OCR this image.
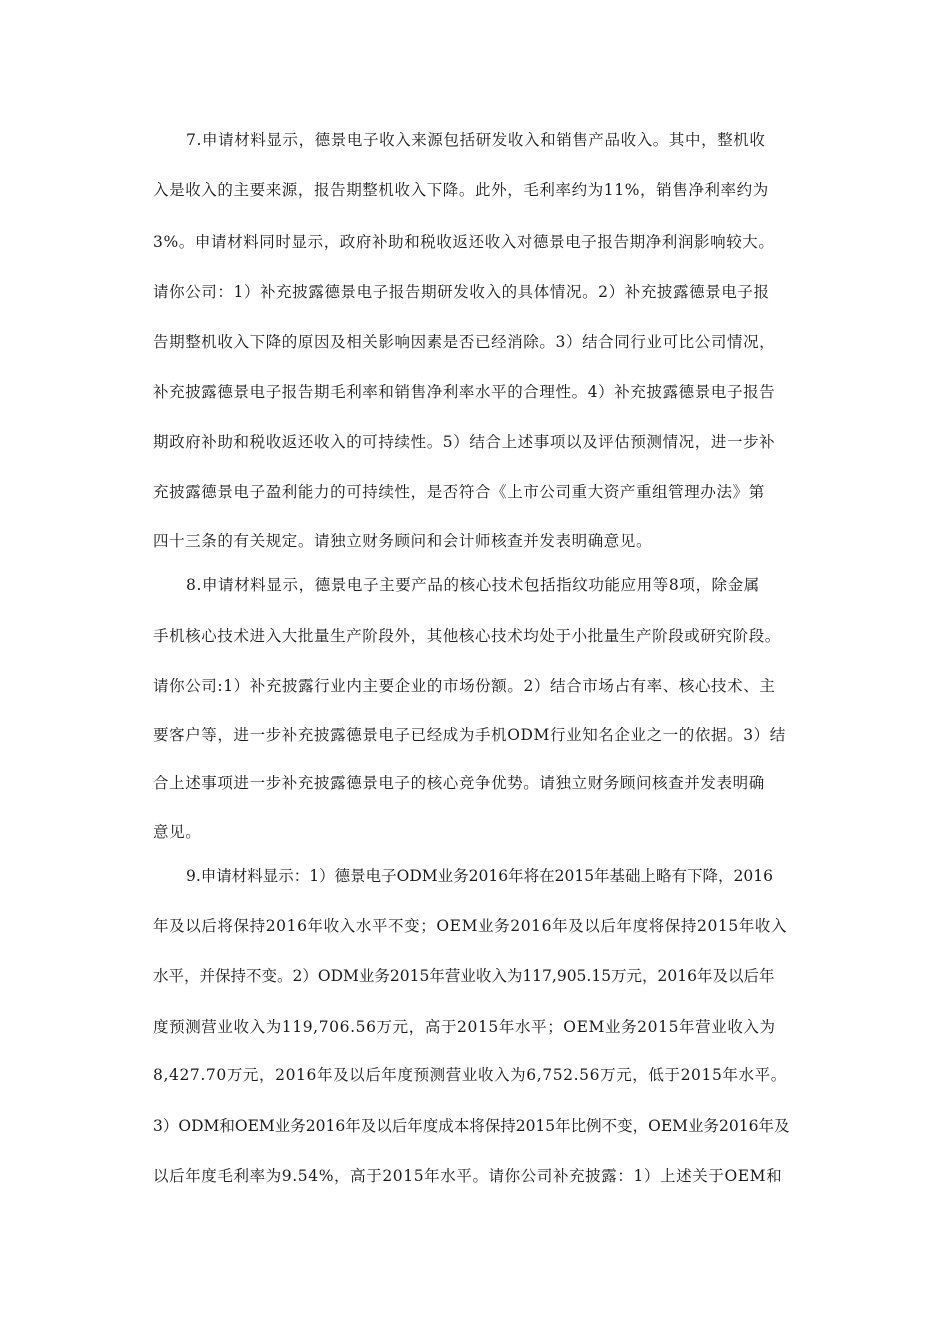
7.申请材料显示，德景电子收入来源包括研发收入和销售产品收入。其中，整机收
入是收入的主要来源，报告期整机收入下降。此外，毛利率约为11%，销售净利率约为
3%。申请材料同时显示，政府补助和税收返还收入对德景电子报告期净利润影响较大。
请你公司：1）补充披露德景电子报告期研发收入的具体情况。2）补充披露德景电子报
告期整机收入下降的原因及相关影响因素是否已经消除。3）结合同行业可比公司情况，
补充披露德景电子报告期毛利率和销售净利率水平的合理性。4）补充披露德景电子报告
期政府补助和税收返还收入的可持续性。5）结合上述事项以及评估预测情况，进一步补
充披露德景电子盈利能力的可持续性，是否符合《上市公司重大资产重组管理办法》第
四十三条的有关规定。请独立财务顾问和会计师核查并发表明确意见。
8.申请材料显示，德景电子主要产品的核心技术包括指纹功能应用等8项，除金属
手机核心技术进入大批量生产阶段外，其他核心技术均处于小批量生产阶段或研究阶段。
请你公司:1）补充披露行业内主要企业的市场份额。2）结合市场占有率、核心技术、主
要客户等，进一步补充披露德景电子已经成为手机ODM行业知名企业之一的依据。3）结
合上述事项进一步补充披露德景电子的核心竞争优势。请独立财务顾问核查并发表明确
意见。
9.申请材料显示：1）德景电子ODM业务2016年将在2015年基础上略有下降，2016
年及以后将保持2016年收入水平不变；OEM业务2016年及以后年度将保持2015年收入
水平，并保持不变。2）ODM业务2015年营业收入为117,905.15万元，2016年及以后年
度预测营业收入为119,706.56万元，高于2015年水平；OEM业务2015年营业收入为
8,427.70万元，2016年及以后年度预测营业收入为6,752.56万元，低于2015年水平。
3）ODM和OEM业务2016年及以后年度成本将保持2015年比例不变，OEM业务2016年及
以后年度毛利率为9.54%，高于2015年水平。请你公司补充披露：1）上述关于OEM和
